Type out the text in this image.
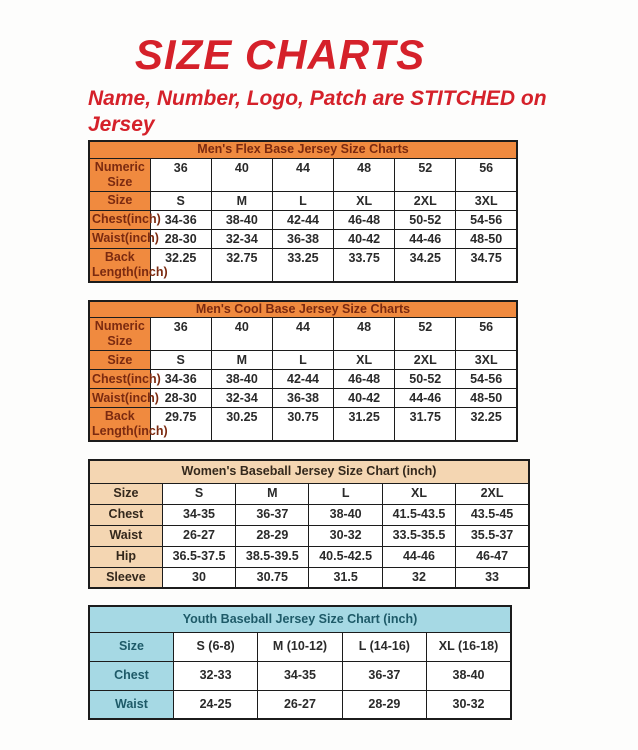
SIZE CHARTS

Name, Number, Logo, Patch are STITCHED on Jersey

Men's Flex Base Jersey Size Charts						
Numeric Size	36	40	44	48	52	56
Size	S	M	L	XL	2XL	3XL
Chest(inch)	34-36	38-40	42-44	46-48	50-52	54-56
Waist(inch)	28-30	32-34	36-38	40-42	44-46	48-50
Back Length(inch)	32.25	32.75	33.25	33.75	34.25	34.75
Men's Cool Base Jersey Size Charts						
Numeric Size	36	40	44	48	52	56
Size	S	M	L	XL	2XL	3XL
Chest(inch)	34-36	38-40	42-44	46-48	50-52	54-56
Waist(inch)	28-30	32-34	36-38	40-42	44-46	48-50
Back Length(inch)	29.75	30.25	30.75	31.25	31.75	32.25
Women's Baseball Jersey Size Chart (inch)					
Size	S	M	L	XL	2XL
Chest	34-35	36-37	38-40	41.5-43.5	43.5-45
Waist	26-27	28-29	30-32	33.5-35.5	35.5-37
Hip	36.5-37.5	38.5-39.5	40.5-42.5	44-46	46-47
Sleeve	30	30.75	31.5	32	33
Youth Baseball Jersey Size Chart (inch)				
Size	S (6-8)	M (10-12)	L (14-16)	XL (16-18)
Chest	32-33	34-35	36-37	38-40
Waist	24-25	26-27	28-29	30-32
